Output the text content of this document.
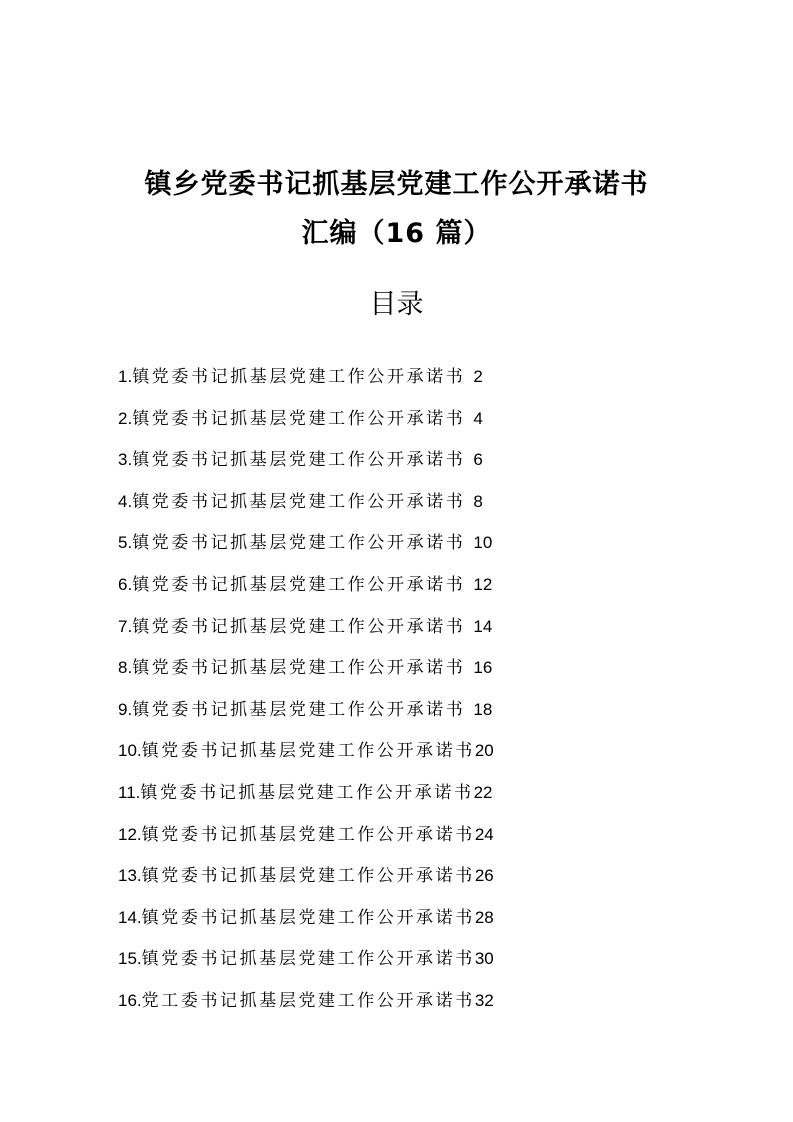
镇乡党委书记抓基层党建工作公开承诺书
汇编（16 篇）
目录
1. 镇党委书记抓基层党建工作公开承诺书 2
2. 镇党委书记抓基层党建工作公开承诺书 4
3. 镇党委书记抓基层党建工作公开承诺书 6
4. 镇党委书记抓基层党建工作公开承诺书 8
5. 镇党委书记抓基层党建工作公开承诺书 10
6. 镇党委书记抓基层党建工作公开承诺书 12
7. 镇党委书记抓基层党建工作公开承诺书 14
8. 镇党委书记抓基层党建工作公开承诺书 16
9. 镇党委书记抓基层党建工作公开承诺书 18
10. 镇党委书记抓基层党建工作公开承诺书 20
11. 镇党委书记抓基层党建工作公开承诺书 22
12. 镇党委书记抓基层党建工作公开承诺书 24
13. 镇党委书记抓基层党建工作公开承诺书 26
14. 镇党委书记抓基层党建工作公开承诺书 28
15. 镇党委书记抓基层党建工作公开承诺书 30
16. 党工委书记抓基层党建工作公开承诺书 32
